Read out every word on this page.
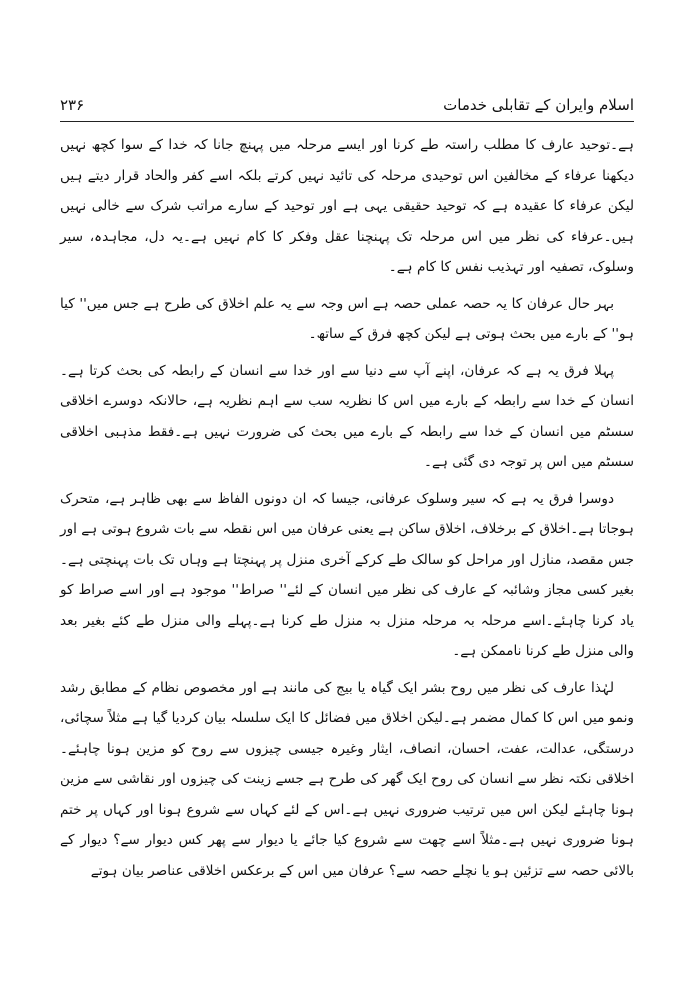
اسلام وایران کے تقابلی خدمات
۲۳۶

ہے۔توحید عارف کا مطلب راستہ طے کرنا اور ایسے مرحلہ میں پہنچ جانا کہ خدا کے سوا کچھ نہیں دیکھنا عرفاء کے مخالفین اس توحیدی مرحلہ کی تائید نہیں کرتے بلکہ اسے کفر والحاد قرار دیتے ہیں لیکن عرفاء کا عقیدہ ہے کہ توحید حقیقی یہی ہے اور توحید کے سارے مراتب شرک سے خالی نہیں ہیں۔عرفاء کی نظر میں اس مرحلہ تک پہنچنا عقل وفکر کا کام نہیں ہے۔یہ دل، مجاہدہ، سیر وسلوک، تصفیہ اور تہذیب نفس کا کام ہے۔

بہر حال عرفان کا یہ حصہ عملی حصہ ہے اس وجہ سے یہ علم اخلاق کی طرح ہے جس میں'' کیا ہو'' کے بارے میں بحث ہوتی ہے لیکن کچھ فرق کے ساتھ۔

پہلا فرق یہ ہے کہ عرفان، اپنے آپ سے دنیا سے اور خدا سے انسان کے رابطہ کی بحث کرتا ہے۔انسان کے خدا سے رابطہ کے بارے میں اس کا نظریہ سب سے اہم نظریہ ہے، حالانکہ دوسرے اخلاقی سسٹم میں انسان کے خدا سے رابطہ کے بارے میں بحث کی ضرورت نہیں ہے۔فقط مذہبی اخلاقی سسٹم میں اس پر توجہ دی گئی ہے۔

دوسرا فرق یہ ہے کہ سیر وسلوک عرفانی، جیسا کہ ان دونوں الفاظ سے بھی ظاہر ہے، متحرک ہوجاتا ہے۔اخلاق کے برخلاف، اخلاق ساکن ہے یعنی عرفان میں اس نقطہ سے بات شروع ہوتی ہے اور جس مقصد، منازل اور مراحل کو سالک طے کرکے آخری منزل پر پہنچتا ہے وہاں تک بات پہنچتی ہے۔بغیر کسی مجاز وشائبہ کے عارف کی نظر میں انسان کے لئے'' صراط'' موجود ہے اور اسے صراط کو یاد کرنا چاہئے۔اسے مرحلہ بہ مرحلہ منزل بہ منزل طے کرنا ہے۔پہلے والی منزل طے کئے بغیر بعد والی منزل طے کرنا ناممکن ہے۔

لہٰذا عارف کی نظر میں روح بشر ایک گیاہ یا بیج کی مانند ہے اور مخصوص نظام کے مطابق رشد ونمو میں اس کا کمال مضمر ہے۔لیکن اخلاق میں فضائل کا ایک سلسلہ بیان کردیا گیا ہے مثلاً سچائی، درستگی، عدالت، عفت، احسان، انصاف، ایثار وغیرہ جیسی چیزوں سے روح کو مزین ہونا چاہئے۔اخلاقی نکتہ نظر سے انسان کی روح ایک گھر کی طرح ہے جسے زینت کی چیزوں اور نقاشی سے مزین ہونا چاہئے لیکن اس میں ترتیب ضروری نہیں ہے۔اس کے لئے کہاں سے شروع ہونا اور کہاں پر ختم ہونا ضروری نہیں ہے۔مثلاً اسے چھت سے شروع کیا جائے یا دیوار سے پھر کس دیوار سے؟ دیوار کے بالائی حصہ سے تزئین ہو یا نچلے حصہ سے؟ عرفان میں اس کے برعکس اخلاقی عناصر بیان ہوتے
